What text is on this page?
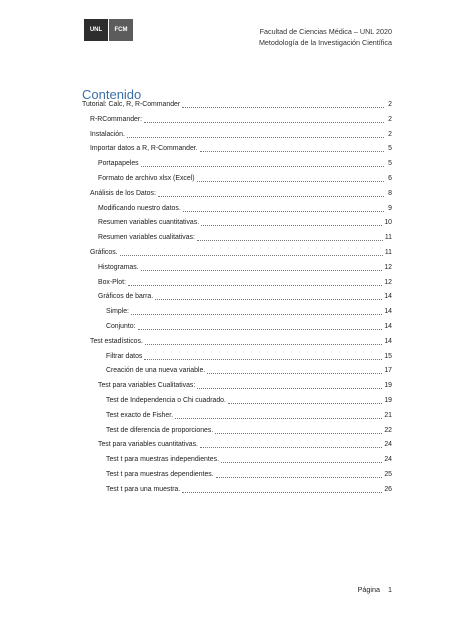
UNL FCM	Facultad de Ciencias Médica – UNL 2020
Metodología de la Investigación Científica
Contenido
Tutorial: Calc, R, R-Commander	2
R-RCommander:	2
Instalación.	2
Importar datos a R, R-Commander.	5
Portapapeles	5
Formato de archivo xlsx (Excel)	6
Análisis de los Datos:	8
Modificando nuestro datos.	9
Resumen variables cuantitativas.	10
Resumen variables cualitativas:	11
Gráficos.	11
Histogramas.	12
Box-Plot:	12
Gráficos de barra.	14
Simple:	14
Conjunto:	14
Test estadísticos.	14
Filtrar datos	15
Creación de una nueva variable.	17
Test para variables Cualitativas:	19
Test de Independencia o Chi cuadrado.	19
Test exacto de Fisher.	21
Test de diferencia de proporciones.	22
Test para variables cuantitativas.	24
Test t para muestras independientes.	24
Test t para muestras dependientes.	25
Test t para una muestra.	26
Página 1
